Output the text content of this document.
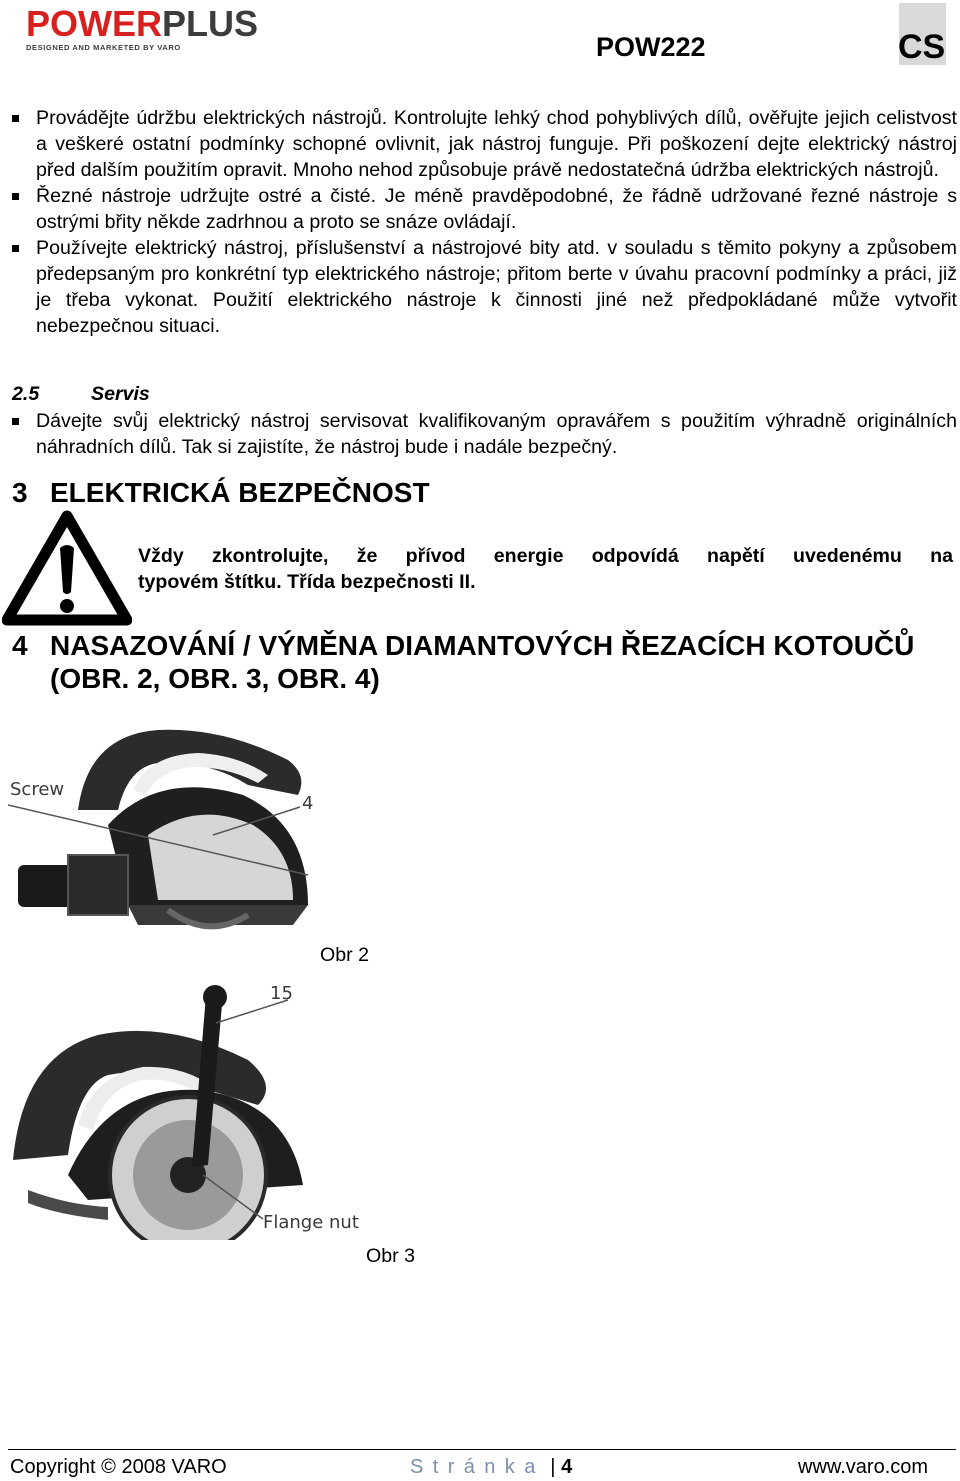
POWERPLUS
DESIGNED AND MARKETED BY VARO	POW222	CS

Provádějte údržbu elektrických nástrojů. Kontrolujte lehký chod pohyblivých dílů, ověřujte jejich celistvost a veškeré ostatní podmínky schopné ovlivnit, jak nástroj funguje. Při poškození dejte elektrický nástroj před dalším použitím opravit. Mnoho nehod způsobuje právě nedostatečná údržba elektrických nástrojů.

Řezné nástroje udržujte ostré a čisté. Je méně pravděpodobné, že řádně udržované řezné nástroje s ostrými břity někde zadrhnou a proto se snáze ovládají.

Používejte elektrický nástroj, příslušenství a nástrojové bity atd. v souladu s těmito pokyny a způsobem předepsaným pro konkrétní typ elektrického nástroje; přitom berte v úvahu pracovní podmínky a práci, již je třeba vykonat. Použití elektrického nástroje k činnosti jiné než předpokládané může vytvořit nebezpečnou situaci.

2.5	Servis

Dávejte svůj elektrický nástroj servisovat kvalifikovaným opravářem s použitím výhradně originálních náhradních dílů. Tak si zajistíte, že nástroj bude i nadále bezpečný.

3 ELEKTRICKÁ BEZPEČNOST
Vždy zkontrolujte, že přívod energie odpovídá napětí uvedenému na
typovém štítku. Třída bezpečnosti II.
4 NASAZOVÁNÍ / VÝMĚNA DIAMANTOVÝCH ŘEZACÍCH KOTOUČŮ (OBR. 2, OBR. 3, OBR. 4)
Screw
4
Obr 2
15
Flange nut
Obr 3
Copyright © 2008 VARO	Stránka | 4	www.varo.com
